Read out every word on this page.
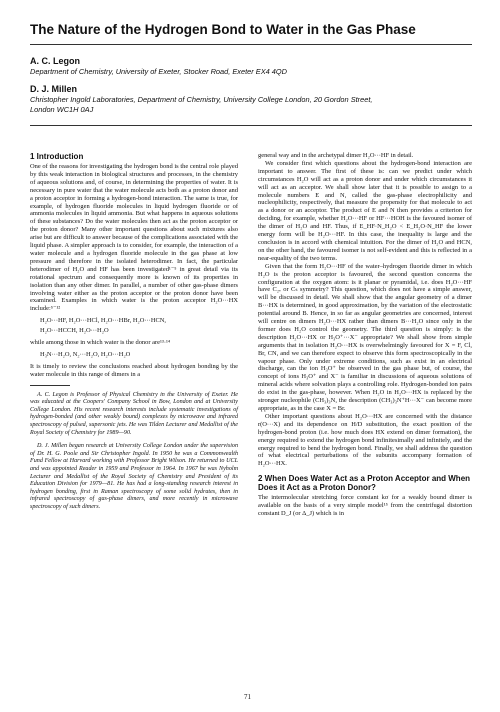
The Nature of the Hydrogen Bond to Water in the Gas Phase

A. C. Legon

Department of Chemistry, University of Exeter, Stocker Road, Exeter EX4 4QD

D. J. Millen

Christopher Ingold Laboratories, Department of Chemistry, University College London, 20 Gordon Street,

London WC1H 0AJ

1 Introduction

One of the reasons for investigating the hydrogen bond is the central role played by this weak interaction in biological structures and processes, in the chemistry of aqueous solutions and, of course, in determining the properties of water. It is necessary in pure water that the water molecule acts both as a proton donor and a proton acceptor in forming a hydrogen-bond interaction. The same is true, for example, of hydrogen fluoride molecules in liquid hydrogen fluoride or of ammonia molecules in liquid ammonia. But what happens in aqueous solutions of these substances? Do the water molecules then act as the proton acceptor or the proton donor? Many other important questions about such mixtures also arise but are difficult to answer because of the complications associated with the liquid phase. A simpler approach is to consider, for example, the interaction of a water molecule and a hydrogen fluoride molecule in the gas phase at low pressure and therefore in the isolated heterodimer. In fact, the particular heterodimer of H₂O and HF has been investigated¹⁻⁵ in great detail via its rotational spectrum and consequently more is known of its properties in isolation than any other dimer. In parallel, a number of other gas-phase dimers involving water either as the proton acceptor or the proton donor have been examined. Examples in which water is the proton acceptor H₂O···HX include:⁵⁻¹²

H₂O···HF, H₂O···HCl, H₂O···HBr, H₂O···HCN,
H₂O···HCCH, H₂O···H₂O

while among those in which water is the donor are¹³·¹⁴

H₃N···H₂O, N₂···H₂O, H₂O···H₂O

It is timely to review the conclusions reached about hydrogen bonding by the water molecule in this range of dimers in a

A. C. Legon is Professor of Physical Chemistry in the University of Exeter. He was educated at the Coopers' Company School in Bow, London and at University College London. His recent research interests include systematic investigations of hydrogen-bonded (and other weakly bound) complexes by microwave and infrared spectroscopy of pulsed, supersonic jets. He was Tilden Lecturer and Medallist of the Royal Society of Chemistry for 1989—90.

D. J. Millen began research at University College London under the supervision of Dr. H. G. Poole and Sir Christopher Ingold. In 1950 he was a Commonwealth Fund Fellow at Harvard working with Professor Bright Wilson. He returned to UCL and was appointed Reader in 1959 and Professor in 1964. In 1967 he was Nyholm Lecturer and Medallist of the Royal Society of Chemistry and President of its Education Division for 1979—81. He has had a long-standing research interest in hydrogen bonding, first in Raman spectroscopy of some solid hydrates, then in infrared spectroscopy of gas-phase dimers, and more recently in microwave spectroscopy of such dimers.

general way and in the archetypal dimer H₂O···HF in detail.

We consider first which questions about the hydrogen-bond interaction are important to answer. The first of these is: can we predict under which circumstances H₂O will act as a proton donor and under which circumstances it will act as an acceptor. We shall show later that it is possible to assign to a molecule numbers E and N, called the gas-phase electrophilicity and nucleophilicity, respectively, that measure the propensity for that molecule to act as a donor or an acceptor. The product of E and N then provides a criterion for deciding, for example, whether H₂O···HF or HF···HOH is the favoured isomer of the dimer of H₂O and HF. Thus, if E_HF·N_H₂O < E_H₂O·N_HF the lower energy form will be H₂O···HF. In this case, the inequality is large and the conclusion is in accord with chemical intuition. For the dimer of H₂O and HCN, on the other hand, the favoured isomer is not self-evident and this is reflected in a near-equality of the two terms.

Given that the form H₂O···HF of the water–hydrogen fluoride dimer in which H₂O is the proton acceptor is favoured, the second question concerns the configuration at the oxygen atom: is it planar or pyramidal, i.e. does H₂O···HF have C₂ᵥ or Cₛ symmetry? This question, which does not have a simple answer, will be discussed in detail. We shall show that the angular geometry of a dimer B···HX is determined, in good approximation, by the variation of the electrostatic potential around B. Hence, in so far as angular geometries are concerned, interest will centre on dimers H₂O···HX rather than dimers B···H₂O since only in the former does H₂O control the geometry. The third question is simply: is the description H₂O···HX or H₃O⁺···X⁻ appropriate? We shall show from simple arguments that in isolation H₂O···HX is overwhelmingly favoured for X = F, Cl, Br, CN, and we can therefore expect to observe this form spectroscopically in the vapour phase. Only under extreme conditions, such as exist in an electrical discharge, can the ion H₃O⁺ be observed in the gas phase but, of course, the concept of ions H₃O⁺ and X⁻ is familiar in discussions of aqueous solutions of mineral acids where solvation plays a controlling role. Hydrogen-bonded ion pairs do exist in the gas-phase, however. When H₂O in H₂O···HX is replaced by the stronger nucleophile (CH₃)₃N, the description (CH₃)₃N⁺H···X⁻ can become more appropriate, as in the case X = Br.

Other important questions about H₂O···HX are concerned with the distance r(O···X) and its dependence on H/D substitution, the exact position of the hydrogen-bond proton (i.e. how much does HX extend on dimer formation), the energy required to extend the hydrogen bond infinitesimally and infinitely, and the energy required to bend the hydrogen bond. Finally, we shall address the question of what electrical perturbations of the subunits accompany formation of H₂O···HX.

2 When Does Water Act as a Proton Acceptor and When Does it Act as a Proton Donor?

The intermolecular stretching force constant kσ for a weakly bound dimer is available on the basis of a very simple model¹⁵ from the centrifugal distortion constant D_J (or Δ_J) which is in

71
